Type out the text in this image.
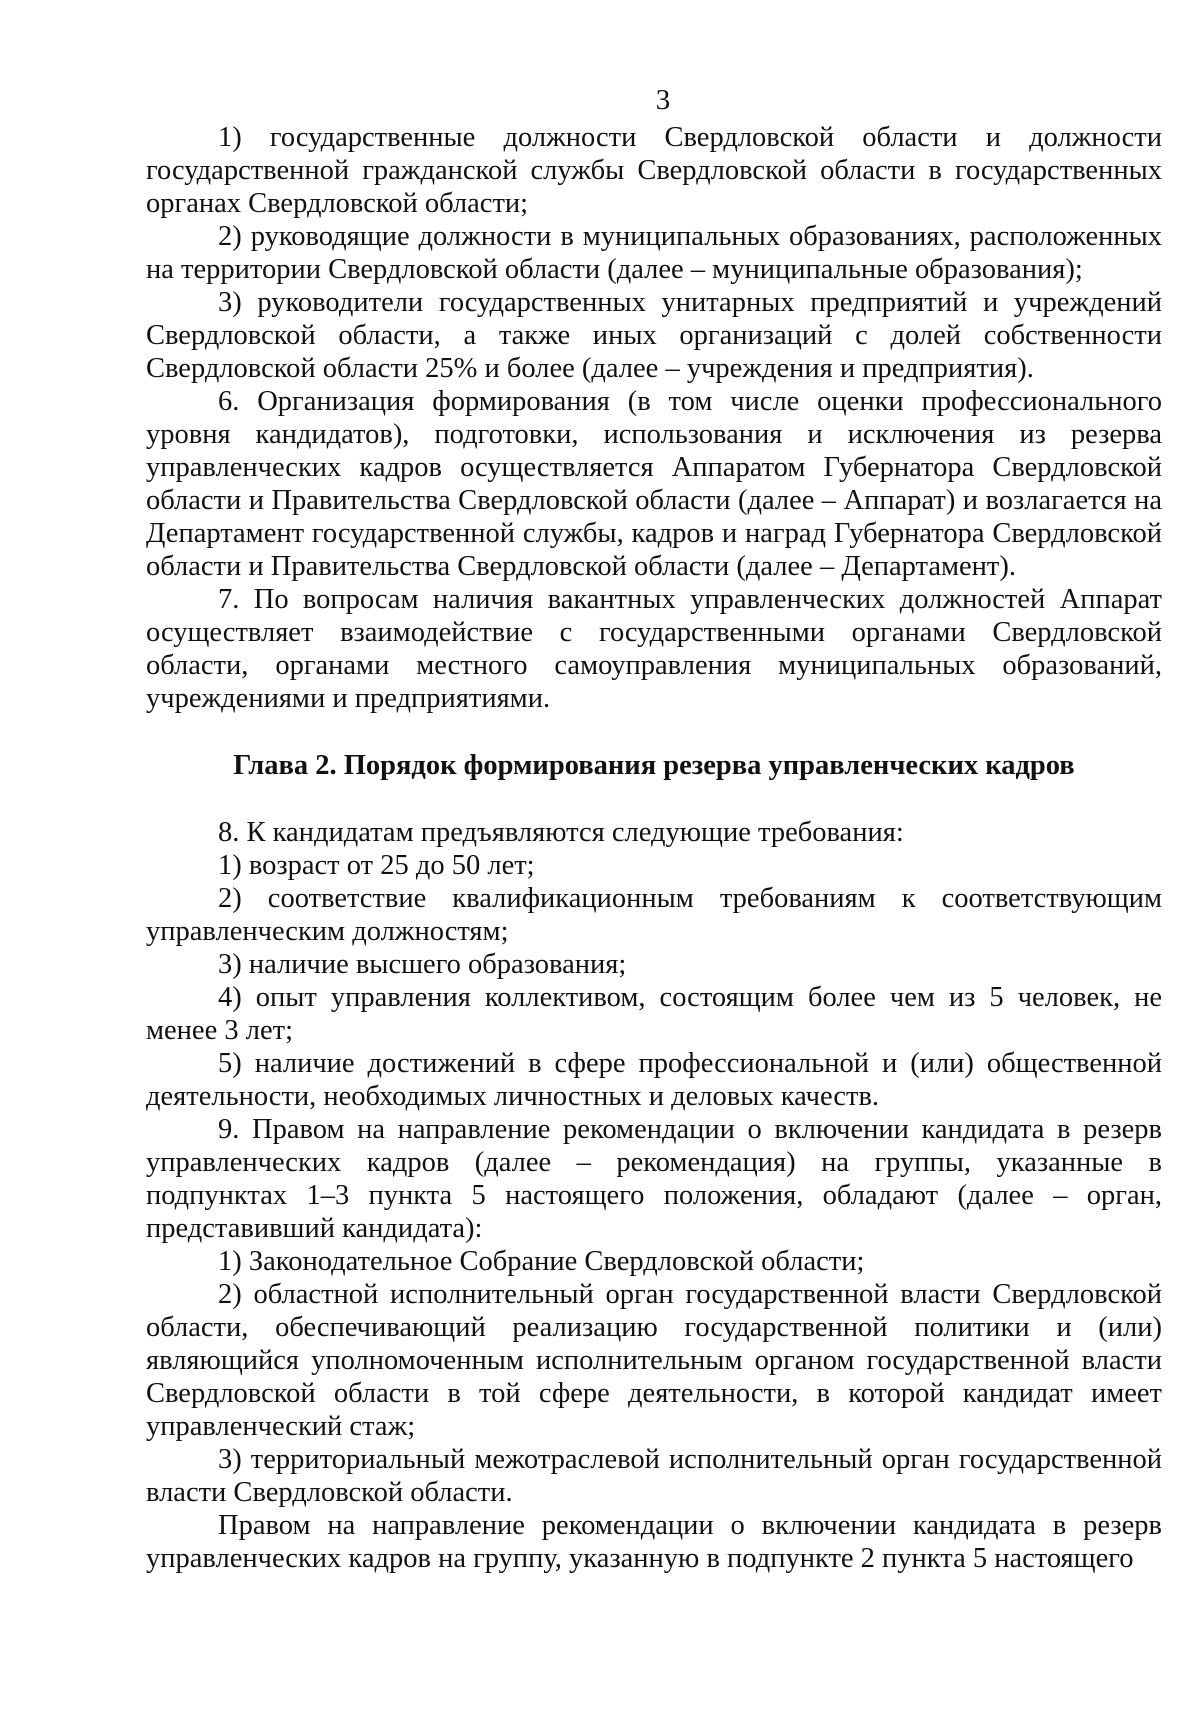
3

1) государственные должности Свердловской области и должности государственной гражданской службы Свердловской области в государственных органах Свердловской области;

2) руководящие должности в муниципальных образованиях, расположенных на территории Свердловской области (далее – муниципальные образования);

3) руководители государственных унитарных предприятий и учреждений Свердловской области, а также иных организаций с долей собственности Свердловской области 25% и более (далее – учреждения и предприятия).

6. Организация формирования (в том числе оценки профессионального уровня кандидатов), подготовки, использования и исключения из резерва управленческих кадров осуществляется Аппаратом Губернатора Свердловской области и Правительства Свердловской области (далее – Аппарат) и возлагается на Департамент государственной службы, кадров и наград Губернатора Свердловской области и Правительства Свердловской области (далее – Департамент).

7. По вопросам наличия вакантных управленческих должностей Аппарат осуществляет взаимодействие с государственными органами Свердловской области, органами местного самоуправления муниципальных образований, учреждениями и предприятиями.

Глава 2. Порядок формирования резерва управленческих кадров

8. К кандидатам предъявляются следующие требования:

1) возраст от 25 до 50 лет;

2) соответствие квалификационным требованиям к соответствующим управленческим должностям;

3) наличие высшего образования;

4) опыт управления коллективом, состоящим более чем из 5 человек, не менее 3 лет;

5) наличие достижений в сфере профессиональной и (или) общественной деятельности, необходимых личностных и деловых качеств.

9. Правом на направление рекомендации о включении кандидата в резерв управленческих кадров (далее – рекомендация) на группы, указанные в подпунктах 1–3 пункта 5 настоящего положения, обладают (далее – орган, представивший кандидата):

1) Законодательное Собрание Свердловской области;

2) областной исполнительный орган государственной власти Свердловской области, обеспечивающий реализацию государственной политики и (или) являющийся уполномоченным исполнительным органом государственной власти Свердловской области в той сфере деятельности, в которой кандидат имеет управленческий стаж;

3) территориальный межотраслевой исполнительный орган государственной власти Свердловской области.

Правом на направление рекомендации о включении кандидата в резерв управленческих кадров на группу, указанную в подпункте 2 пункта 5 настоящего
